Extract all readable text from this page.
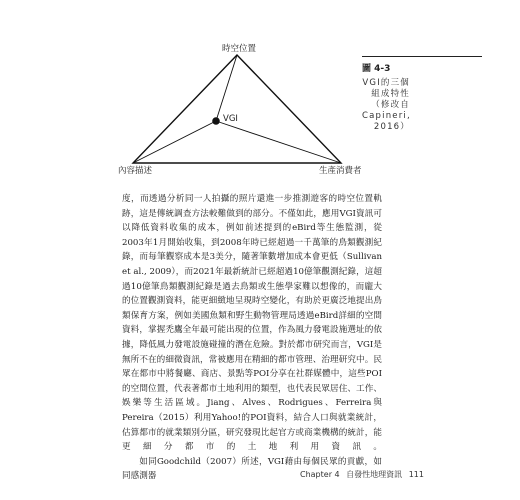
時空位置
內容描述	生產消費者
VGI
圖 4-3
VGI的三個組成特性（修改自Capineri, 2016）

度，而透過分析同一人拍攝的照片還進一步推測遊客的時空位置軌跡，這是傳統調查方法較難做到的部分。不僅如此，應用VGI資訊可以降低資料收集的成本，例如前述提到的eBird等生態監測，從2003年1月開始收集，到2008年時已經超過一千萬筆的鳥類觀測紀錄，而每筆觀察成本是3美分，隨著筆數增加成本會更低（Sullivan et al., 2009），而2021年最新統計已經超過10億筆觀測紀錄，這超過10億筆鳥類觀測紀錄是過去鳥類或生態學家難以想像的，而龐大的位置觀測資料，能更細緻地呈現時空變化，有助於更廣泛地提出鳥類保育方案，例如美國魚類和野生動物管理局透過eBird詳細的空間資料，掌握禿鷹全年最可能出現的位置，作為風力發電設施選址的依據，降低風力發電設施碰撞的潛在危險。對於都市研究而言，VGI是無所不在的細微資訊，常被應用在精細的都市管理、治理研究中。民眾在都市中將餐廳、商店、景點等POI分享在社群媒體中，這些POI的空間位置，代表著都市土地利用的類型，也代表民眾居住、工作、娛樂等生活區域。Jiang、Alves、Rodrigues、Ferreira與Pereira（2015）利用Yahoo!的POI資料，結合人口與就業統計，估算都市的就業類別分區，研究發現比起官方或商業機構的統計，能更細分都市的土地利用資訊。

如同Goodchild（2007）所述，VGI藉由每個民眾的貢獻，如同感測器	Chapter 4 自發性地理資訊 111
